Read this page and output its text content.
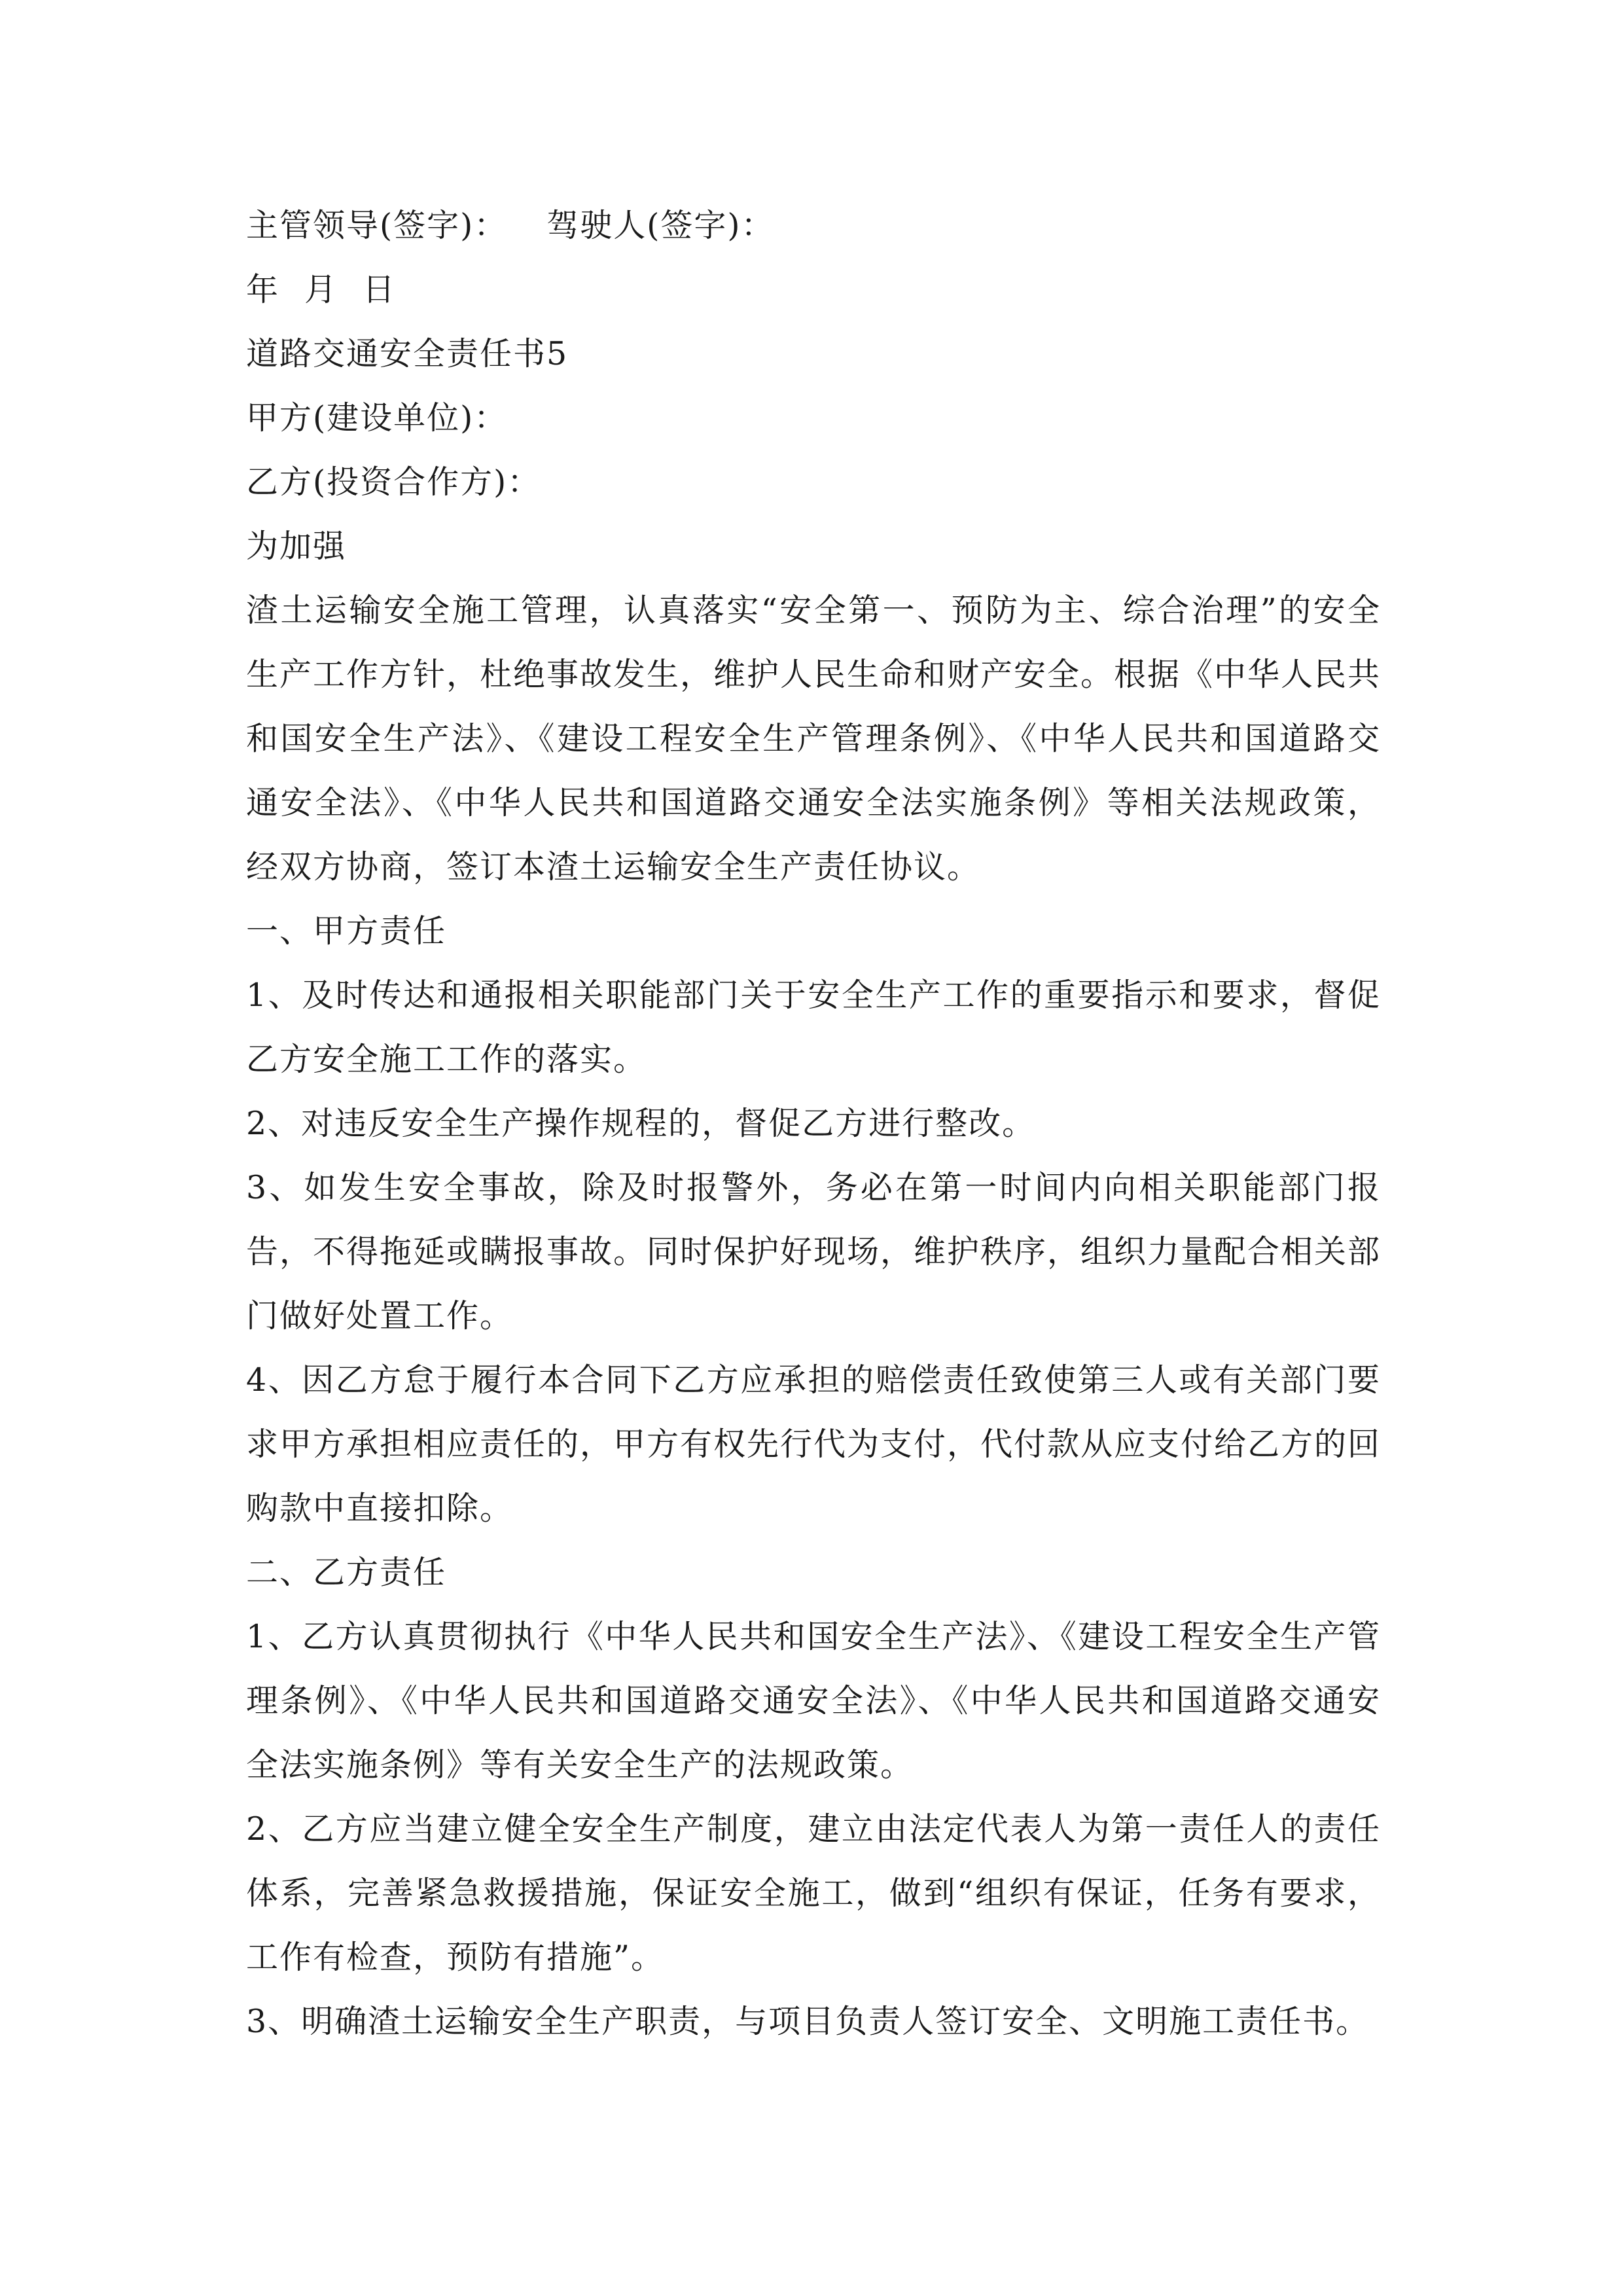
主管领导(签字)： 驾驶人(签字)：

年 月 日

道路交通安全责任书5

甲方(建设单位)：

乙方(投资合作方)：

为加强

渣土运输安全施工管理，认真落实“安全第一、预防为主、综合治理”的安全生产工作方针，杜绝事故发生，维护人民生命和财产安全。根据《中华人民共和国安全生产法》、《建设工程安全生产管理条例》、《中华人民共和国道路交通安全法》、《中华人民共和国道路交通安全法实施条例》等相关法规政策，经双方协商，签订本渣土运输安全生产责任协议。

一、甲方责任

1、及时传达和通报相关职能部门关于安全生产工作的重要指示和要求，督促乙方安全施工工作的落实。

2、对违反安全生产操作规程的，督促乙方进行整改。

3、如发生安全事故，除及时报警外，务必在第一时间内向相关职能部门报告，不得拖延或瞒报事故。同时保护好现场，维护秩序，组织力量配合相关部门做好处置工作。

4、因乙方怠于履行本合同下乙方应承担的赔偿责任致使第三人或有关部门要求甲方承担相应责任的，甲方有权先行代为支付，代付款从应支付给乙方的回购款中直接扣除。

二、乙方责任

1、乙方认真贯彻执行《中华人民共和国安全生产法》、《建设工程安全生产管理条例》、《中华人民共和国道路交通安全法》、《中华人民共和国道路交通安全法实施条例》等有关安全生产的法规政策。

2、乙方应当建立健全安全生产制度，建立由法定代表人为第一责任人的责任体系，完善紧急救援措施，保证安全施工，做到“组织有保证，任务有要求，工作有检查，预防有措施”。

3、明确渣土运输安全生产职责，与项目负责人签订安全、文明施工责任书。
